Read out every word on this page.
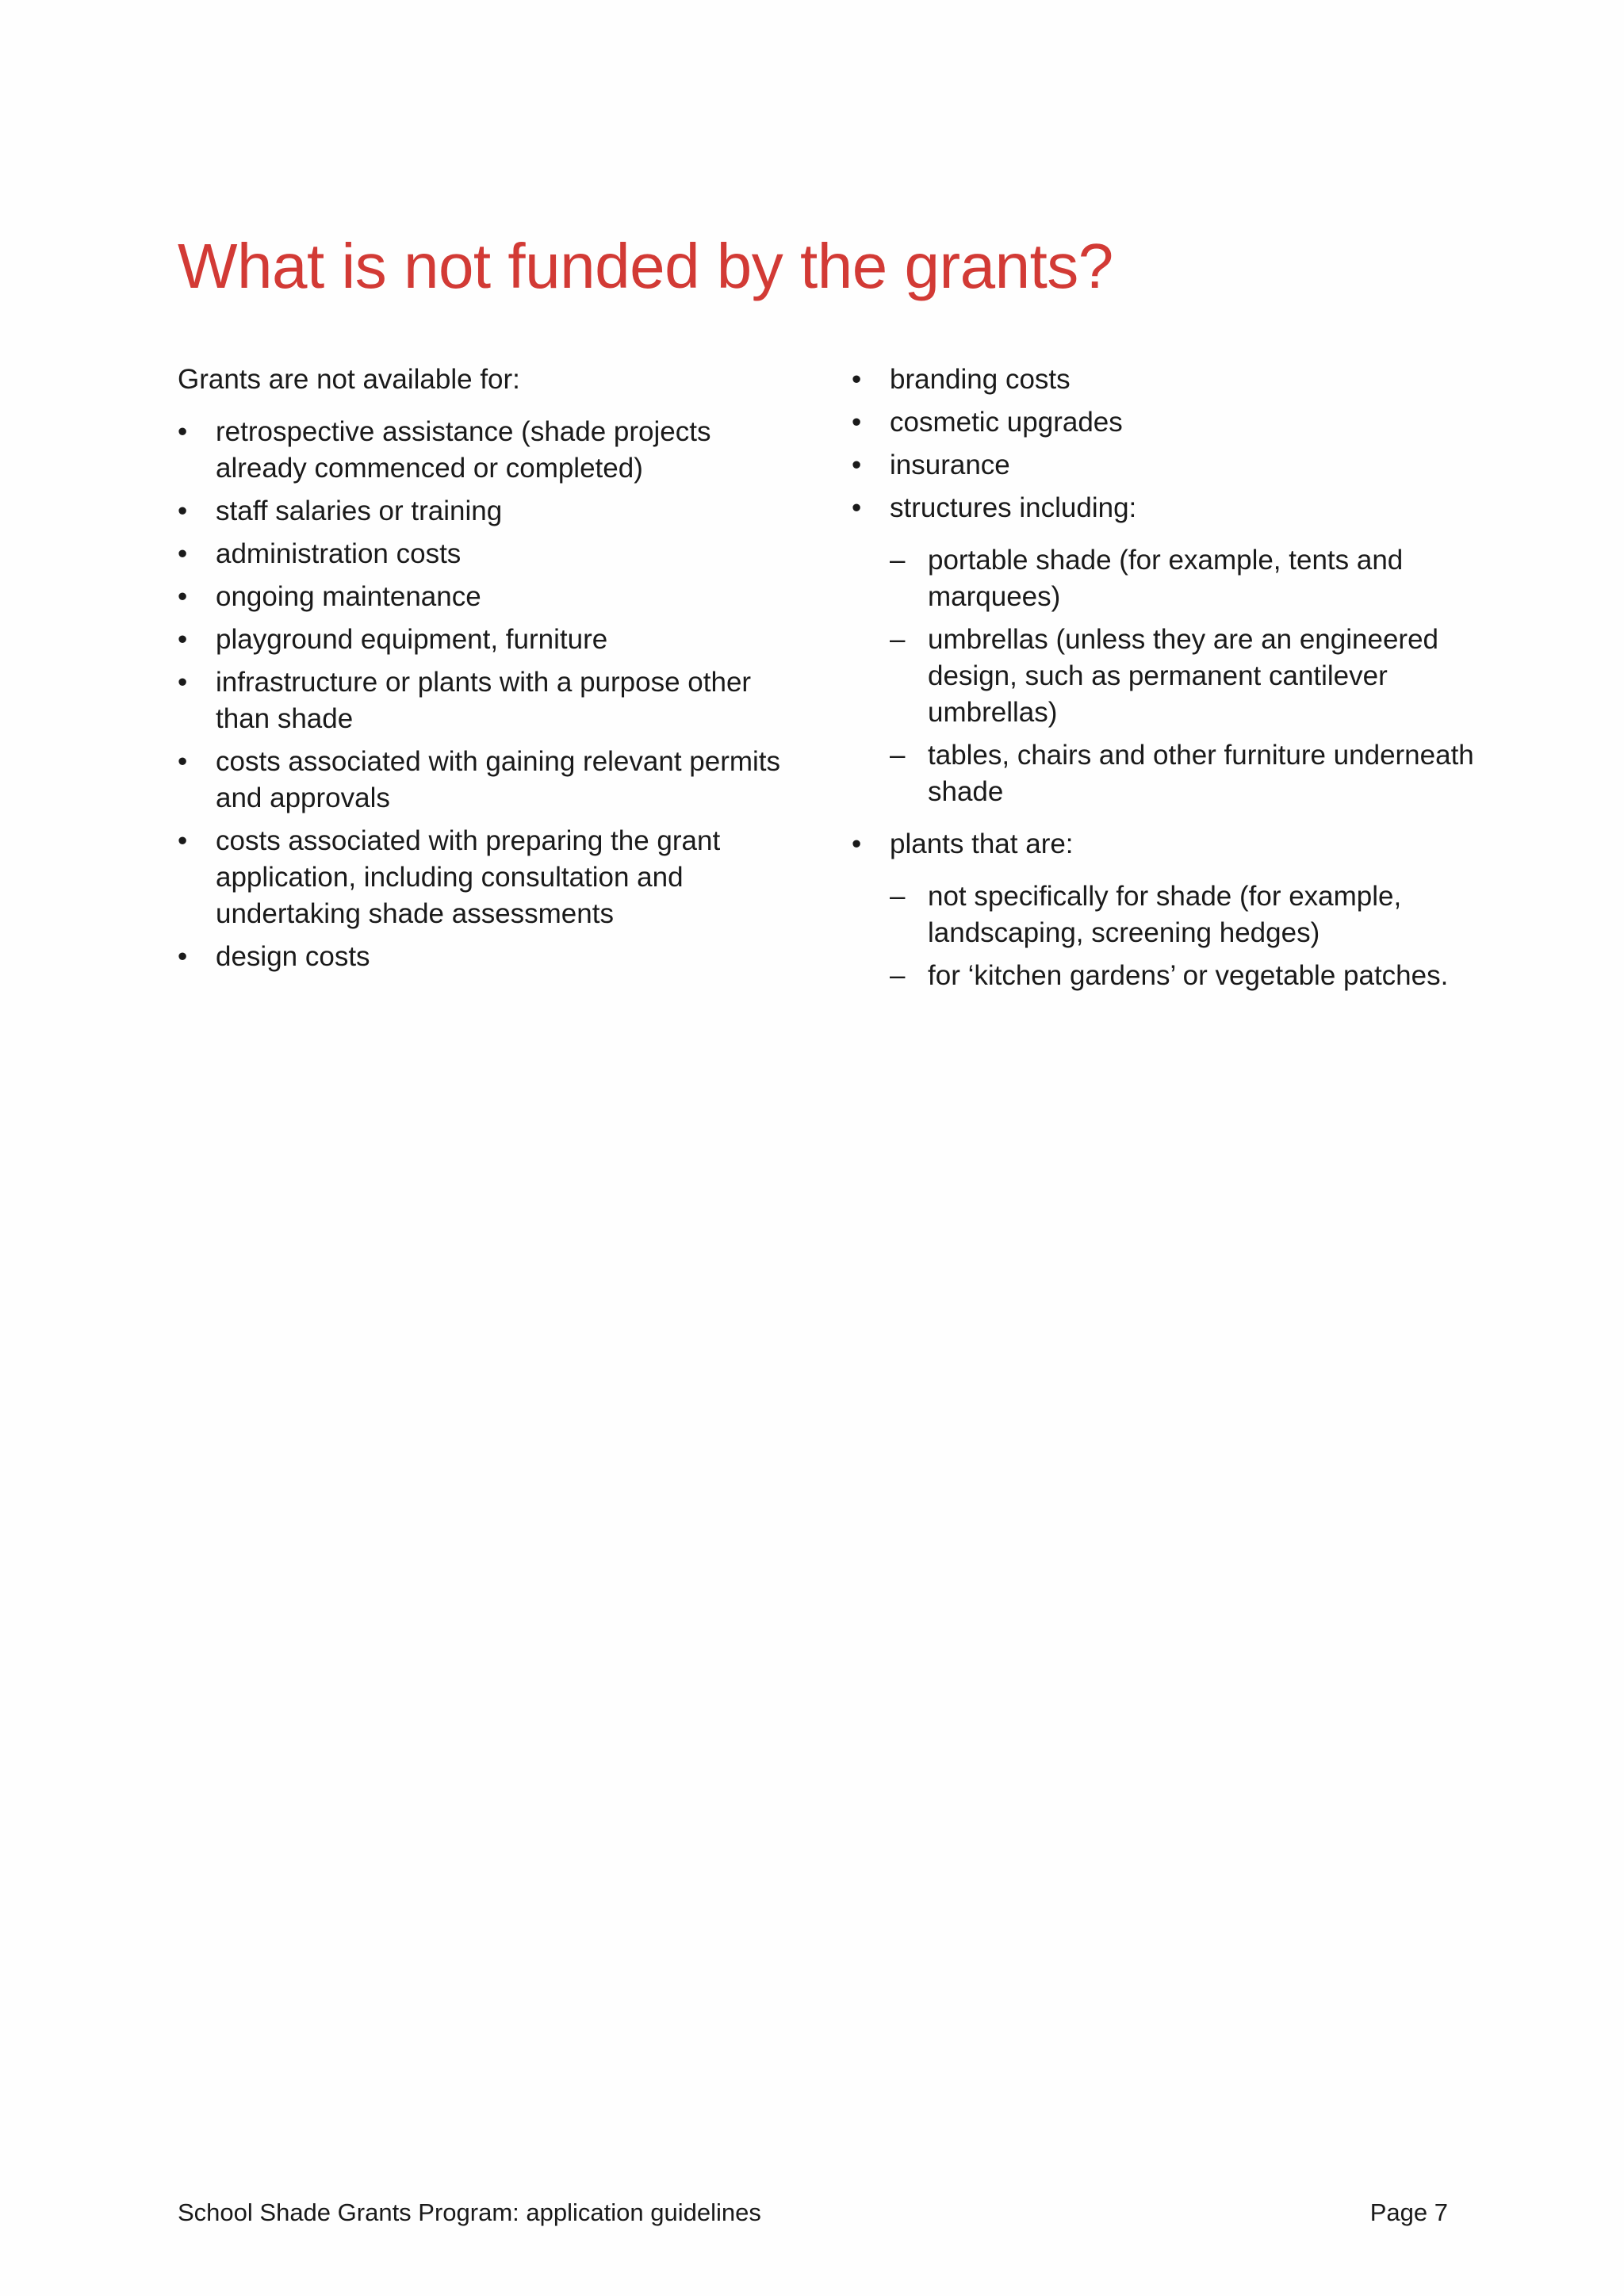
What is not funded by the grants?

Grants are not available for:

• retrospective assistance (shade projects already commenced or completed)
• staff salaries or training
• administration costs
• ongoing maintenance
• playground equipment, furniture
• infrastructure or plants with a purpose other than shade
• costs associated with gaining relevant permits and approvals
• costs associated with preparing the grant application, including consultation and undertaking shade assessments
• design costs
• branding costs
• cosmetic upgrades
• insurance
• structures including:
– portable shade (for example, tents and marquees)
– umbrellas (unless they are an engineered design, such as permanent cantilever umbrellas)
– tables, chairs and other furniture underneath shade
• plants that are:
– not specifically for shade (for example, landscaping, screening hedges)
– for ‘kitchen gardens’ or vegetable patches.
School Shade Grants Program: application guidelines	Page 7
